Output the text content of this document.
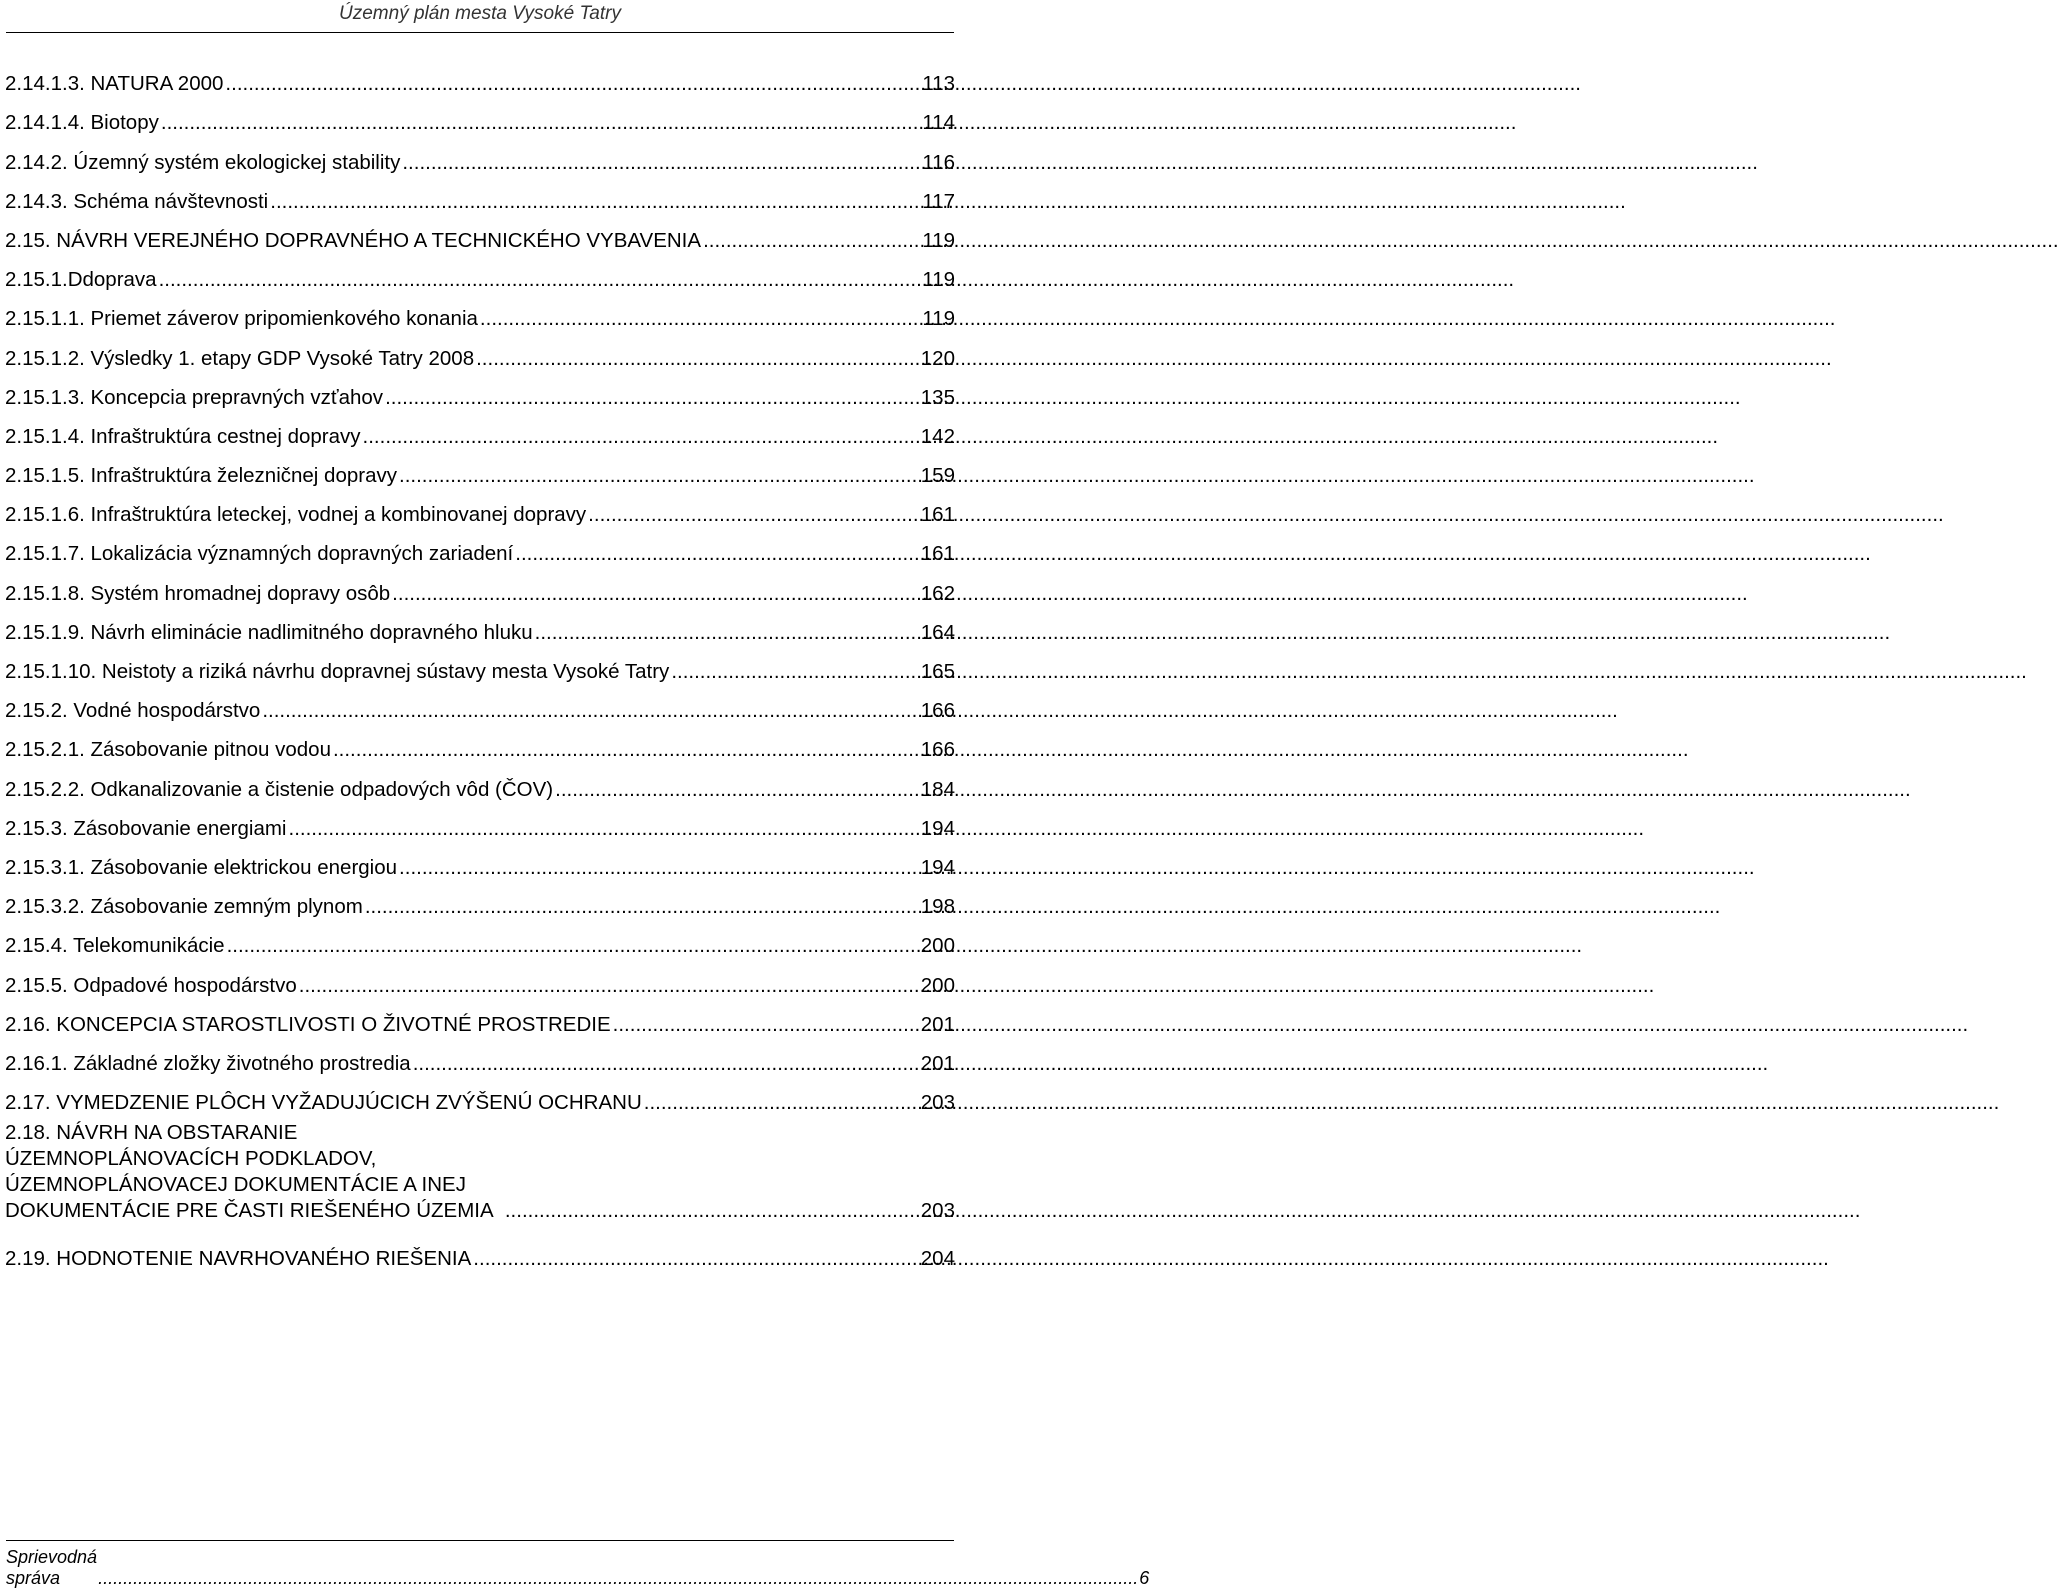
Územný plán mesta Vysoké Tatry
2.14.1.3. NATURA 2000 .....	113
2.14.1.4. Biotopy .....	114
2.14.2. Územný systém ekologickej stability .....	116
2.14.3. Schéma návštevnosti .....	117
2.15. NÁVRH VEREJNÉHO DOPRAVNÉHO A TECHNICKÉHO VYBAVENIA .....	119
2.15.1.Ddoprava .....	119
2.15.1.1. Priemet záverov pripomienkového konania .....	119
2.15.1.2. Výsledky 1. etapy GDP Vysoké Tatry 2008 .....	120
2.15.1.3. Koncepcia prepravných vzťahov .....	135
2.15.1.4. Infraštruktúra cestnej dopravy .....	142
2.15.1.5. Infraštruktúra železničnej dopravy .....	159
2.15.1.6. Infraštruktúra leteckej, vodnej a kombinovanej dopravy .....	161
2.15.1.7. Lokalizácia významných dopravných zariadení .....	161
2.15.1.8. Systém hromadnej dopravy osôb .....	162
2.15.1.9. Návrh eliminácie nadlimitného dopravného hluku .....	164
2.15.1.10. Neistoty a riziká návrhu dopravnej sústavy mesta Vysoké Tatry .....	165
2.15.2. Vodné hospodárstvo .....	166
2.15.2.1. Zásobovanie pitnou vodou .....	166
2.15.2.2. Odkanalizovanie a čistenie odpadových vôd (ČOV) .....	184
2.15.3. Zásobovanie energiami .....	194
2.15.3.1. Zásobovanie elektrickou energiou .....	194
2.15.3.2. Zásobovanie zemným plynom .....	198
2.15.4. Telekomunikácie .....	200
2.15.5. Odpadové hospodárstvo .....	200
2.16. KONCEPCIA STAROSTLIVOSTI O ŽIVOTNÉ PROSTREDIE .....	201
2.16.1. Základné zložky životného prostredia .....	201
2.17. VYMEDZENIE PLÔCH VYŽADUJÚCICH ZVÝŠENÚ OCHRANU .....	203
2.18. NÁVRH NA OBSTARANIE ÚZEMNOPLÁNOVACÍCH PODKLADOV, ÚZEMNOPLÁNOVACEJ DOKUMENTÁCIE A INEJ DOKUMENTÁCIE PRE ČASTI RIEŠENÉHO ÚZEMIA .....	203
2.19. HODNOTENIE NAVRHOVANÉHO RIEŠENIA .....	204
Sprievodná správa .....	6
